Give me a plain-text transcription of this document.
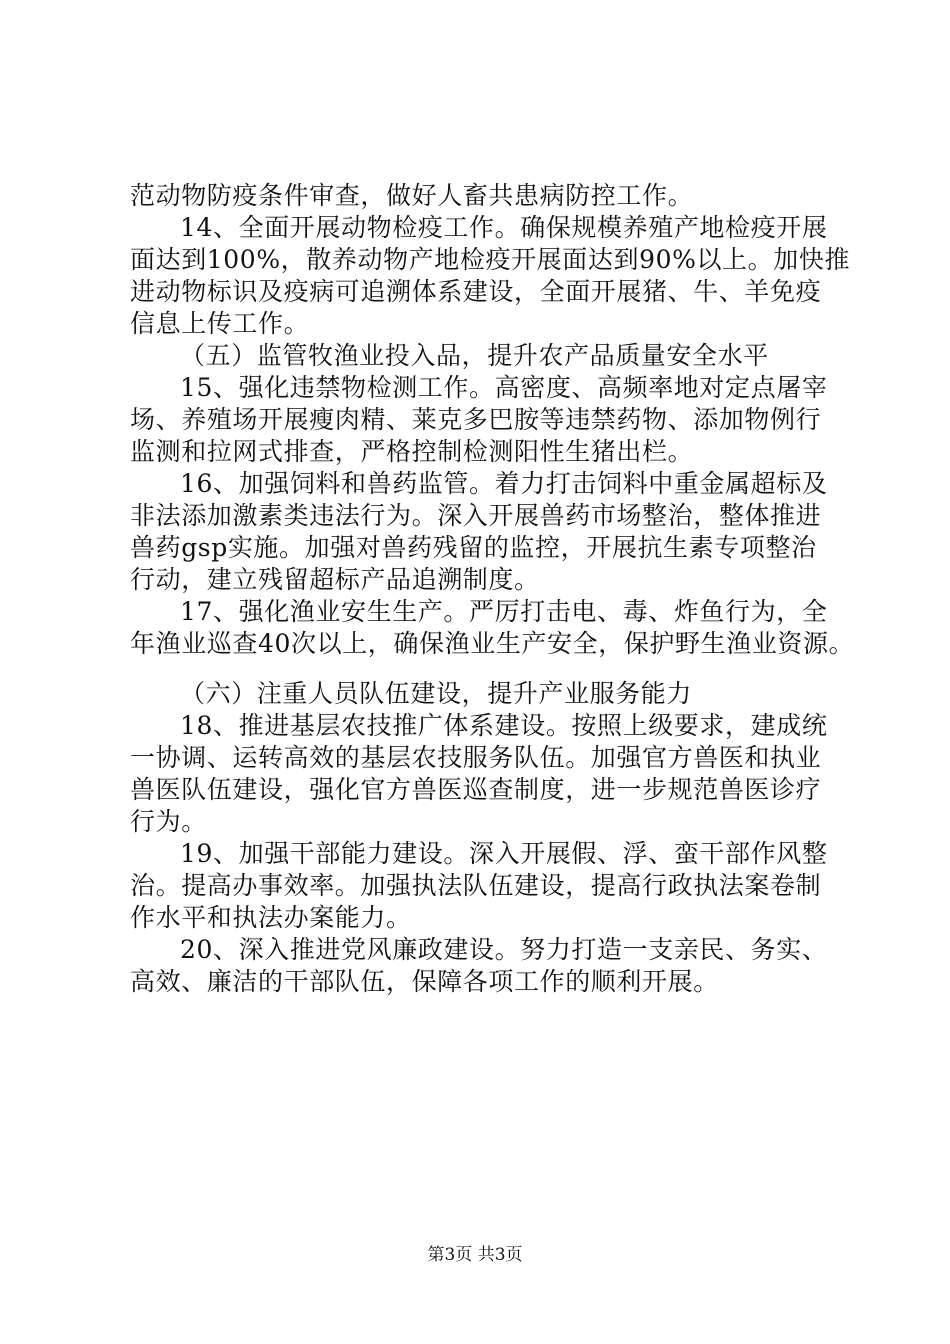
范动物防疫条件审查，做好人畜共患病防控工作。
14、全面开展动物检疫工作。确保规模养殖产地检疫开展
面达到100%，散养动物产地检疫开展面达到90%以上。加快推
进动物标识及疫病可追溯体系建设，全面开展猪、牛、羊免疫
信息上传工作。
（五）监管牧渔业投入品，提升农产品质量安全水平
15、强化违禁物检测工作。高密度、高频率地对定点屠宰
场、养殖场开展瘦肉精、莱克多巴胺等违禁药物、添加物例行
监测和拉网式排查，严格控制检测阳性生猪出栏。
16、加强饲料和兽药监管。着力打击饲料中重金属超标及
非法添加激素类违法行为。深入开展兽药市场整治，整体推进
兽药gsp实施。加强对兽药残留的监控，开展抗生素专项整治
行动，建立残留超标产品追溯制度。
17、强化渔业安生生产。严厉打击电、毒、炸鱼行为，全
年渔业巡查40次以上，确保渔业生产安全，保护野生渔业资源。
（六）注重人员队伍建设，提升产业服务能力
18、推进基层农技推广体系建设。按照上级要求，建成统
一协调、运转高效的基层农技服务队伍。加强官方兽医和执业
兽医队伍建设，强化官方兽医巡查制度，进一步规范兽医诊疗
行为。
19、加强干部能力建设。深入开展假、浮、蛮干部作风整
治。提高办事效率。加强执法队伍建设，提高行政执法案卷制
作水平和执法办案能力。
20、深入推进党风廉政建设。努力打造一支亲民、务实、
高效、廉洁的干部队伍，保障各项工作的顺利开展。
第3页 共3页
